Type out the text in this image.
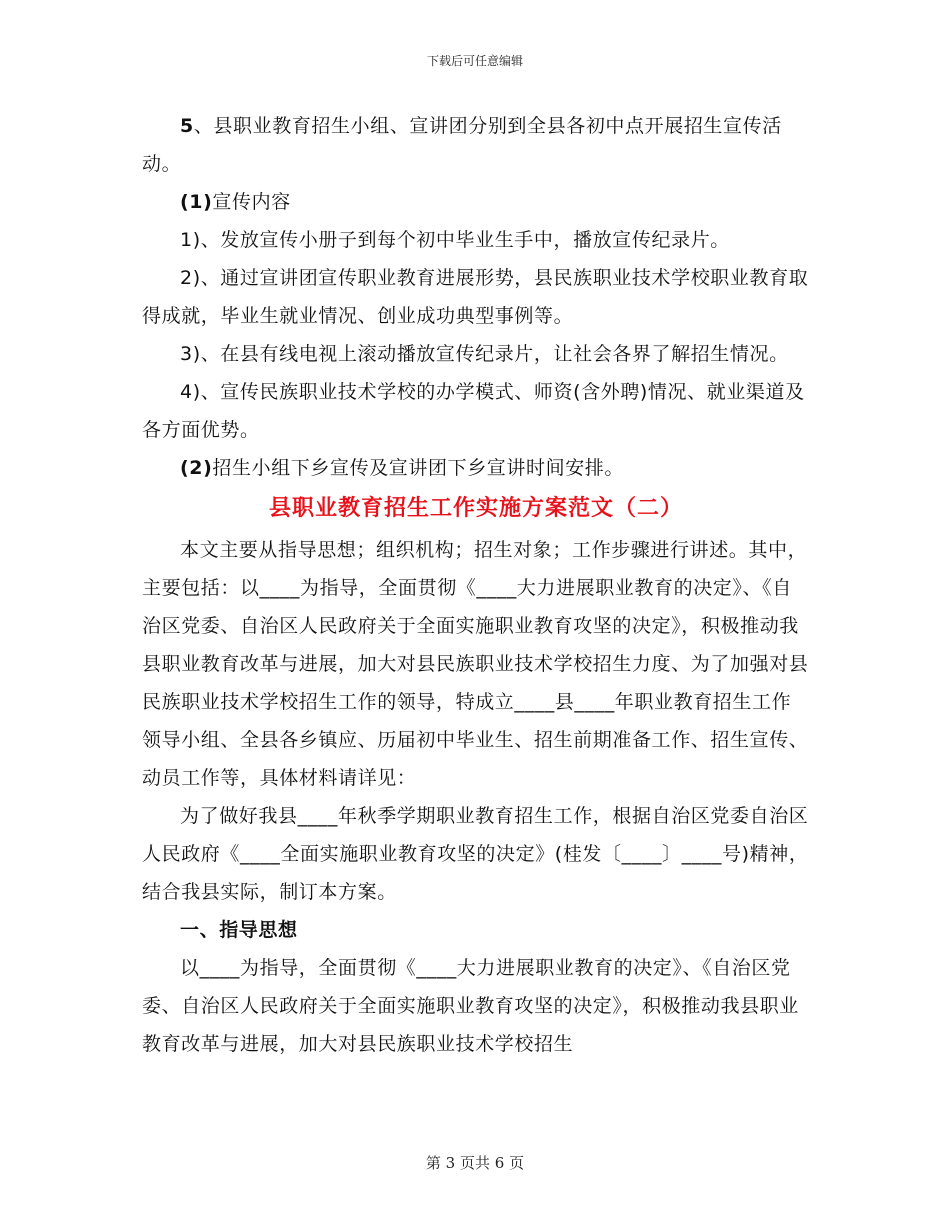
下载后可任意编辑

5、县职业教育招生小组、宣讲团分别到全县各初中点开展招生宣传活动。

(1)宣传内容

1)、发放宣传小册子到每个初中毕业生手中，播放宣传纪录片。

2)、通过宣讲团宣传职业教育进展形势，县民族职业技术学校职业教育取得成就，毕业生就业情况、创业成功典型事例等。

3)、在县有线电视上滚动播放宣传纪录片，让社会各界了解招生情况。

4)、宣传民族职业技术学校的办学模式、师资(含外聘)情况、就业渠道及各方面优势。

(2)招生小组下乡宣传及宣讲团下乡宣讲时间安排。

县职业教育招生工作实施方案范文（二）

本文主要从指导思想；组织机构；招生对象；工作步骤进行讲述。其中，主要包括：以____为指导，全面贯彻《____大力进展职业教育的决定》、《自治区党委、自治区人民政府关于全面实施职业教育攻坚的决定》，积极推动我县职业教育改革与进展，加大对县民族职业技术学校招生力度、为了加强对县民族职业技术学校招生工作的领导，特成立____县____年职业教育招生工作领导小组、全县各乡镇应、历届初中毕业生、招生前期准备工作、招生宣传、动员工作等，具体材料请详见：

为了做好我县____年秋季学期职业教育招生工作，根据自治区党委自治区人民政府《____全面实施职业教育攻坚的决定》(桂发〔____〕____号)精神，结合我县实际，制订本方案。

一、指导思想

以____为指导，全面贯彻《____大力进展职业教育的决定》、《自治区党委、自治区人民政府关于全面实施职业教育攻坚的决定》，积极推动我县职业教育改革与进展，加大对县民族职业技术学校招生

第 3 页共 6 页
